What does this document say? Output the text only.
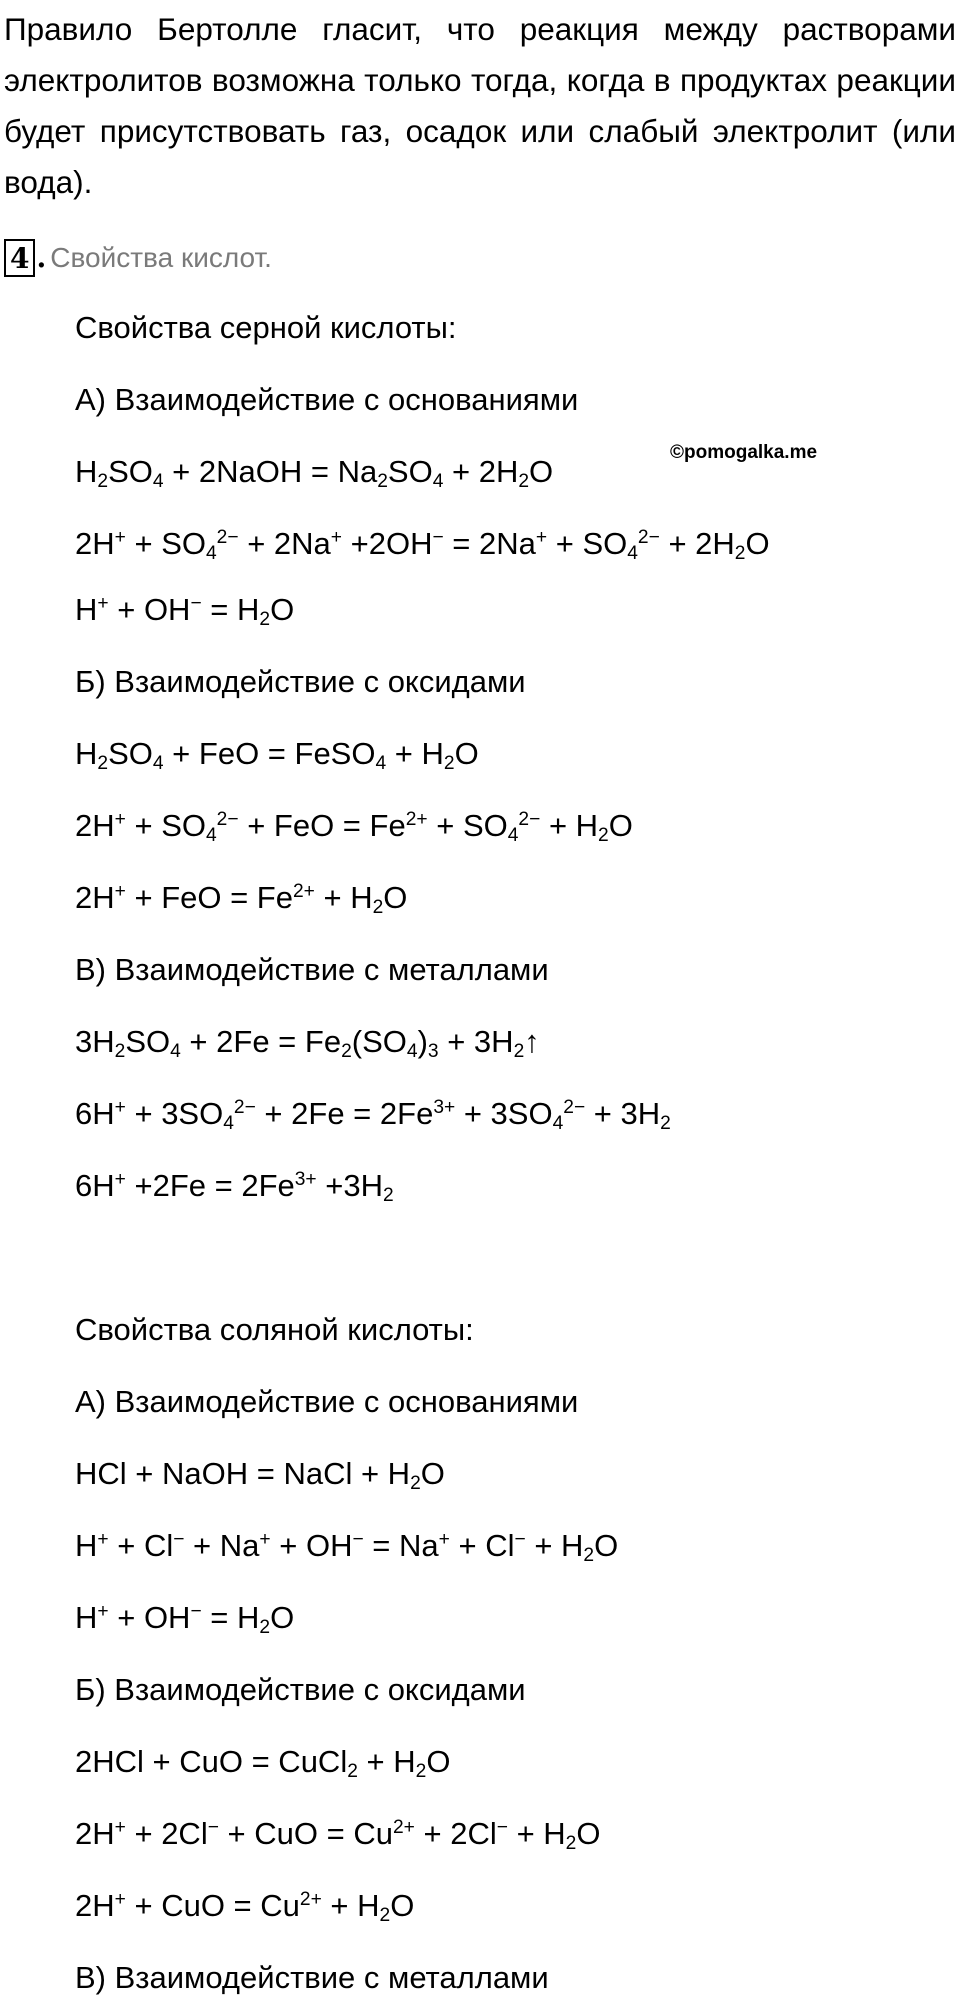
Правило Бертолле гласит, что реакция между растворами электролитов возможна только тогда, когда в продуктах реакции будет присутствовать газ, осадок или слабый электролит (или вода).

4 . Свойства кислот.
©pomogalka.me

Свойства серной кислоты:

А) Взаимодействие с основаниями

$H_2SO_4$ + 2NaOH = $Na_2SO_4 + 2H_2O$

$2H^+ + SO_4^{2-} + 2Na^+ +2OH^- = 2Na^+ + SO_4^{2-} + 2H_2O$

$H^+ + OH^- = H_2O$

Б) Взаимодействие с оксидами

$H_2SO_4$ + FeO = FeSO$_4$ + $H_2O$

$2H^+ + SO_4^{2-}$ + FeO = $Fe^{2+} + SO_4^{2-} + H_2O$

2H+ + FeO = $Fe^{2+} + H_2O$

В) Взаимодействие с металлами

$3H_2SO_4 + 2Fe = Fe_2(SO_4)_3$ + $3H_2↑$

$6H^+ + 3SO_4^{2-} + 2Fe = 2Fe^{3+} + 3SO_4^{2-} + 3H_2$

$6H^+ +2Fe = 2Fe^{3+} +3H_2$

Свойства соляной кислоты:

А) Взаимодействие с основаниями

HCl + NaOH = NaCl + $H_2O$

$H^+ + Cl^- + Na^+ + OH^- = Na^+ + Cl^- + H_2O$

$H^+ + OH^- = H_2O$

Б) Взаимодействие с оксидами

2HCl + CuO = CuCl$_2$ + $H_2O$

2H+ + 2Cl− + CuO = $Cu^{2+} + 2Cl^- + H_2O$

2H+ + CuO = $Cu^{2+} + H_2O$

В) Взаимодействие с металлами
